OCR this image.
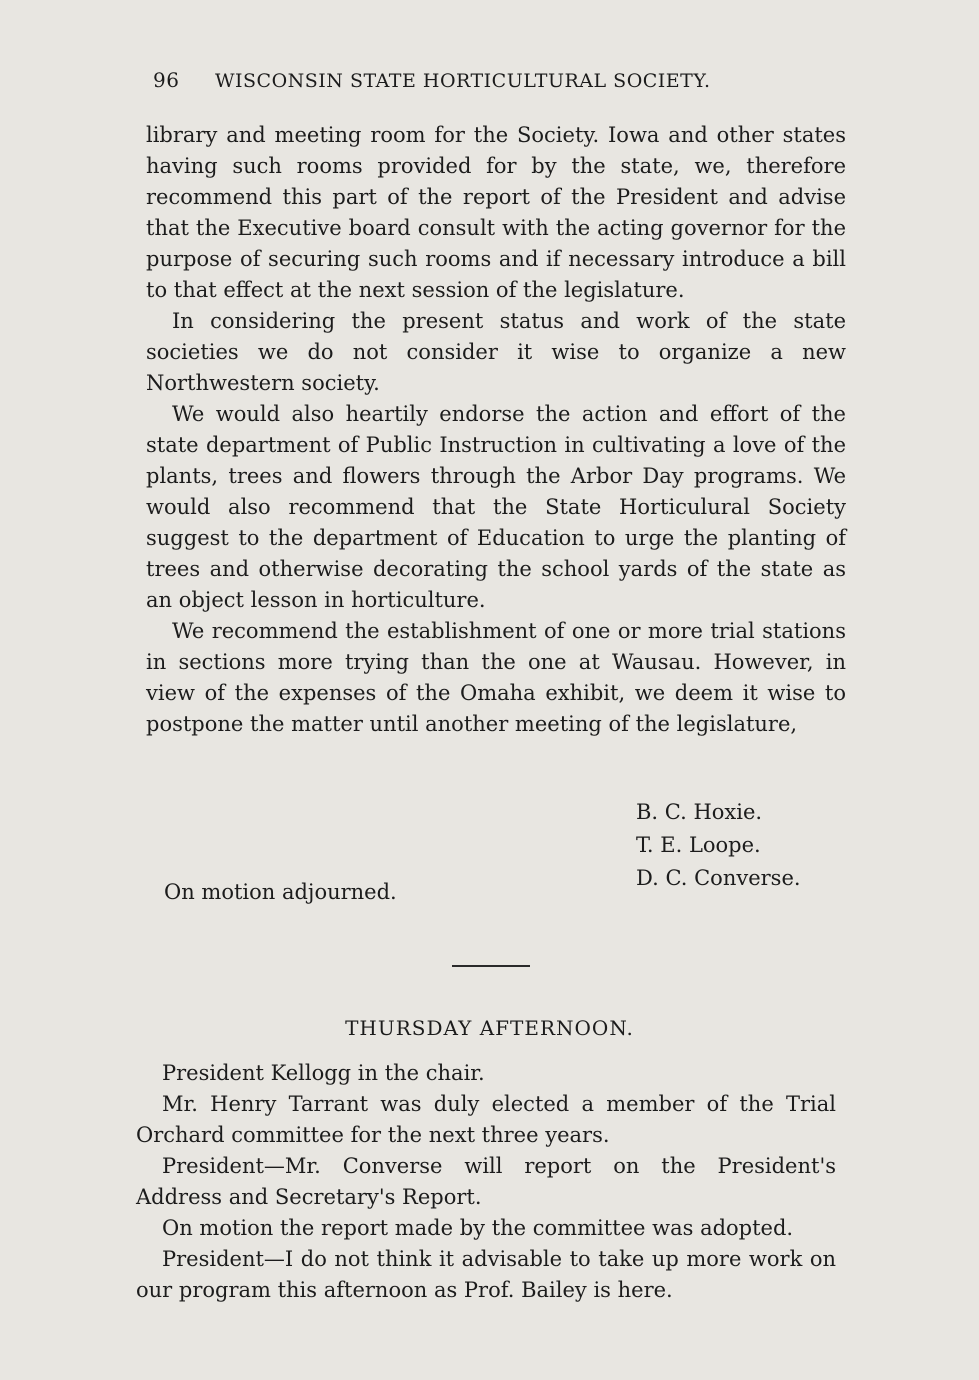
96 WISCONSIN STATE HORTICULTURAL SOCIETY.

library and meeting room for the Society. Iowa and other states having such rooms provided for by the state, we, therefore recommend this part of the report of the President and advise that the Executive board consult with the acting governor for the purpose of securing such rooms and if necessary introduce a bill to that effect at the next session of the legislature.

In considering the present status and work of the state societies we do not consider it wise to organize a new Northwestern society.

We would also heartily endorse the action and effort of the state department of Public Instruction in cultivating a love of the plants, trees and flowers through the Arbor Day programs. We would also recommend that the State Horticulural Society suggest to the department of Education to urge the planting of trees and otherwise decorating the school yards of the state as an object lesson in horticulture.

We recommend the establishment of one or more trial stations in sections more trying than the one at Wausau. However, in view of the expenses of the Omaha exhibit, we deem it wise to postpone the matter until another meeting of the legislature,

B. C. Hoxie.
T. E. Loope.
D. C. Converse.
On motion adjourned.
THURSDAY AFTERNOON.

President Kellogg in the chair.

Mr. Henry Tarrant was duly elected a member of the Trial Orchard committee for the next three years.

President—Mr. Converse will report on the President's Address and Secretary's Report.

On motion the report made by the committee was adopted.

President—I do not think it advisable to take up more work on our program this afternoon as Prof. Bailey is here.
